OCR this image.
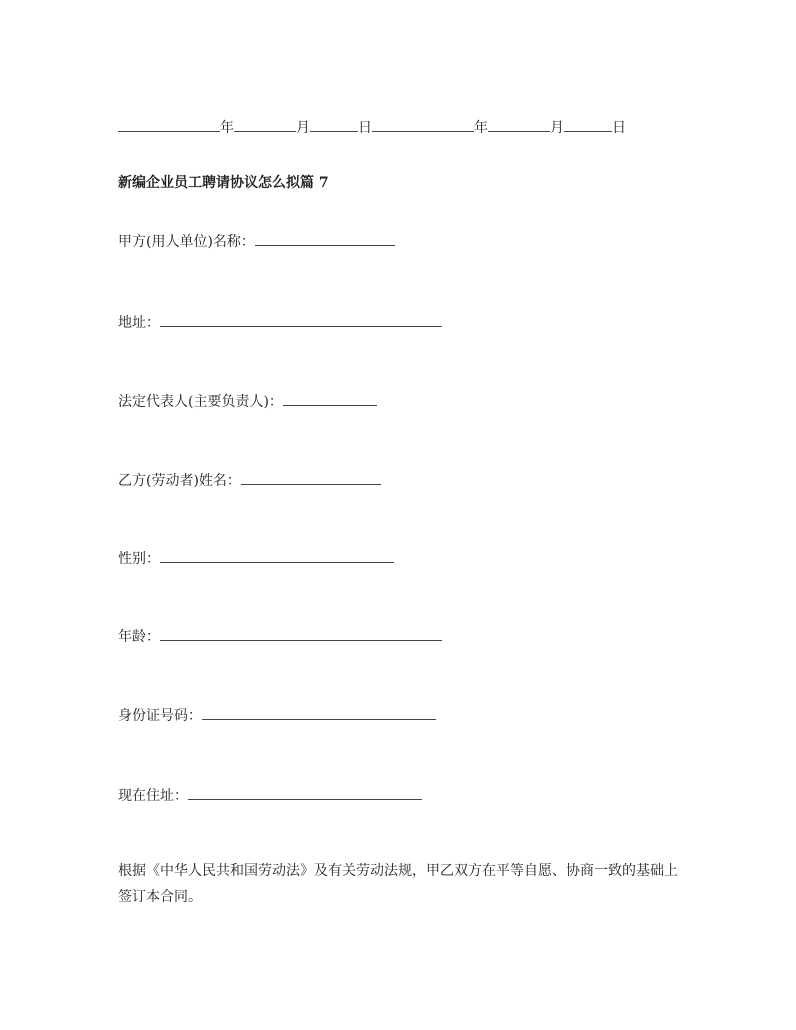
年	月	日	年	月	日
新编企业员工聘请协议怎么拟篇 7
甲方(用人单位)名称：
地址：
法定代表人(主要负责人)：
乙方(劳动者)姓名：
性别：
年龄：
身份证号码：
现在住址：
根据《中华人民共和国劳动法》及有关劳动法规，甲乙双方在平等自愿、协商一致的基础上签订本合同。
